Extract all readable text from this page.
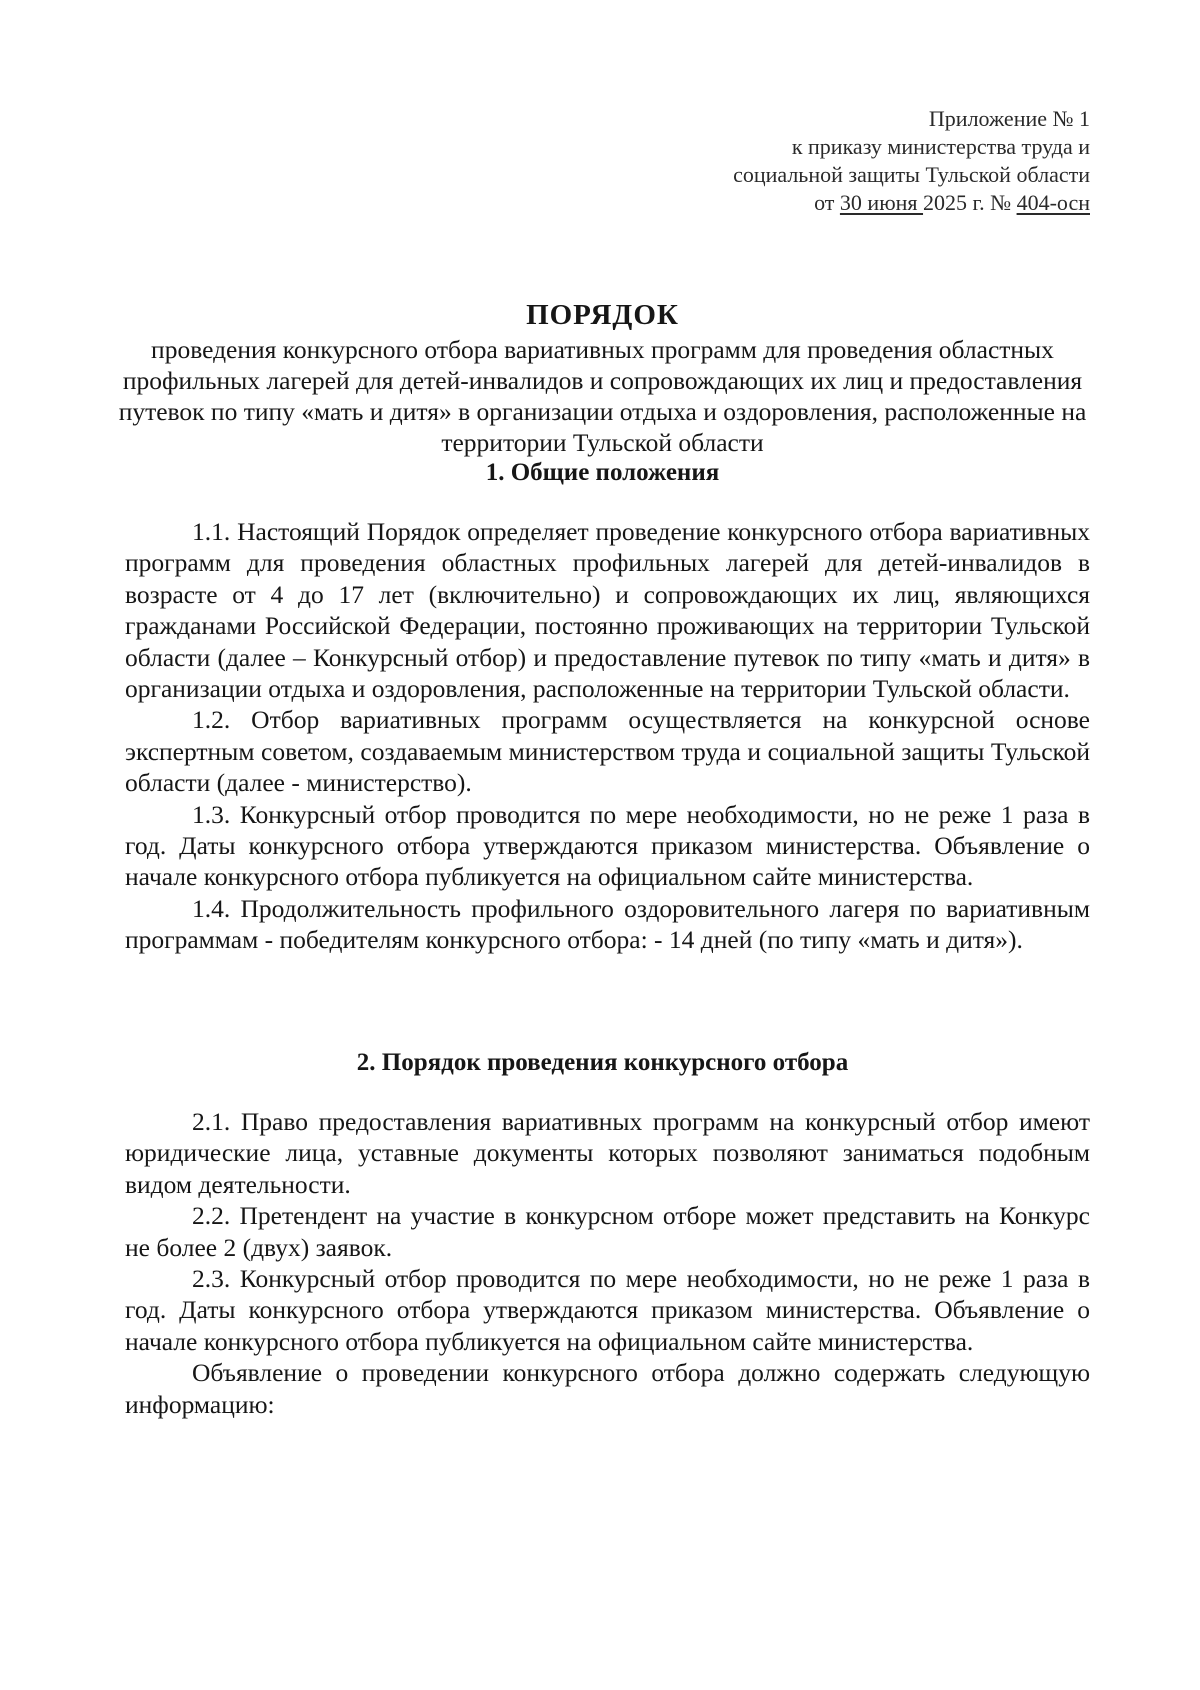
Приложение № 1
к приказу министерства труда и
социальной защиты Тульской области
от 30 июня 2025 г. № 404-осн

ПОРЯДОК

проведения конкурсного отбора вариативных программ для проведения областных профильных лагерей для детей-инвалидов и сопровождающих их лиц и предоставления путевок по типу «мать и дитя» в организации отдыха и оздоровления, расположенные на территории Тульской области

1. Общие положения

1.1. Настоящий Порядок определяет проведение конкурсного отбора вариативных программ для проведения областных профильных лагерей для детей-инвалидов в возрасте от 4 до 17 лет (включительно) и сопровождающих их лиц, являющихся гражданами Российской Федерации, постоянно проживающих на территории Тульской области (далее – Конкурсный отбор) и предоставление путевок по типу «мать и дитя» в организации отдыха и оздоровления, расположенные на территории Тульской области.

1.2. Отбор вариативных программ осуществляется на конкурсной основе экспертным советом, создаваемым министерством труда и социальной защиты Тульской области (далее - министерство).

1.3. Конкурсный отбор проводится по мере необходимости, но не реже 1 раза в год. Даты конкурсного отбора утверждаются приказом министерства. Объявление о начале конкурсного отбора публикуется на официальном сайте министерства.

1.4. Продолжительность профильного оздоровительного лагеря по вариативным программам - победителям конкурсного отбора: - 14 дней (по типу «мать и дитя»).

2. Порядок проведения конкурсного отбора

2.1. Право предоставления вариативных программ на конкурсный отбор имеют юридические лица, уставные документы которых позволяют заниматься подобным видом деятельности.

2.2. Претендент на участие в конкурсном отборе может представить на Конкурс не более 2 (двух) заявок.

2.3. Конкурсный отбор проводится по мере необходимости, но не реже 1 раза в год. Даты конкурсного отбора утверждаются приказом министерства. Объявление о начале конкурсного отбора публикуется на официальном сайте министерства.

Объявление о проведении конкурсного отбора должно содержать следующую информацию:
